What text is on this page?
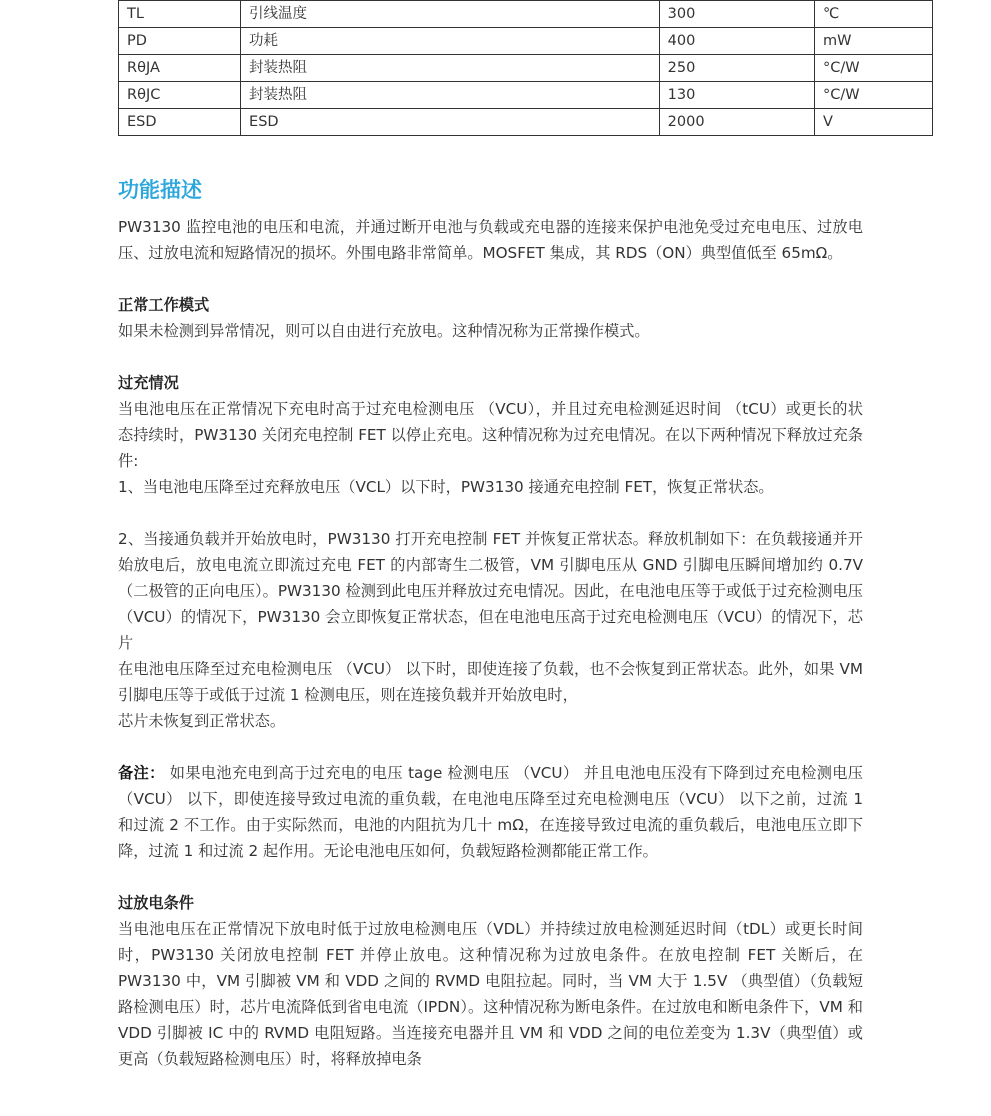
TL	引线温度	300	℃
PD	功耗	400	mW
RθJA	封装热阻	250	°C/W
RθJC	封装热阻	130	°C/W
ESD	ESD	2000	V
功能描述

PW3130 监控电池的电压和电流，并通过断开电池与负载或充电器的连接来保护电池免受过充电电压、过放电压、过放电流和短路情况的损坏。外围电路非常简单。MOSFET 集成，其 RDS（ON）典型值低至 65mΩ。

正常工作模式

如果未检测到异常情况，则可以自由进行充放电。这种情况称为正常操作模式。

过充情况

当电池电压在正常情况下充电时高于过充电检测电压 （VCU），并且过充电检测延迟时间 （tCU）或更长的状态持续时，PW3130 关闭充电控制 FET 以停止充电。这种情况称为过充电情况。在以下两种情况下释放过充条件:

1、当电池电压降至过充释放电压（VCL）以下时，PW3130 接通充电控制 FET，恢复正常状态。

2、当接通负载并开始放电时，PW3130 打开充电控制 FET 并恢复正常状态。释放机制如下：在负载接通并开始放电后，放电电流立即流过充电 FET 的内部寄生二极管，VM 引脚电压从 GND 引脚电压瞬间增加约 0.7V（二极管的正向电压）。PW3130 检测到此电压并释放过充电情况。因此，在电池电压等于或低于过充检测电压（VCU）的情况下，PW3130 会立即恢复正常状态，但在电池电压高于过充电检测电压（VCU）的情况下，芯片

在电池电压降至过充电检测电压 （VCU） 以下时，即使连接了负载，也不会恢复到正常状态。此外，如果 VM 引脚电压等于或低于过流 1 检测电压，则在连接负载并开始放电时，

芯片未恢复到正常状态。

备注： 如果电池充电到高于过充电的电压 tage 检测电压 （VCU） 并且电池电压没有下降到过充电检测电压 （VCU） 以下，即使连接导致过电流的重负载，在电池电压降至过充电检测电压（VCU） 以下之前，过流 1 和过流 2 不工作。由于实际然而，电池的内阻抗为几十 mΩ，在连接导致过电流的重负载后，电池电压立即下降，过流 1 和过流 2 起作用。无论电池电压如何，负载短路检测都能正常工作。

过放电条件

当电池电压在正常情况下放电时低于过放电检测电压（VDL）并持续过放电检测延迟时间（tDL）或更长时间时，PW3130 关闭放电控制 FET 并停止放电。这种情况称为过放电条件。在放电控制 FET 关断后，在 PW3130 中，VM 引脚被 VM 和 VDD 之间的 RVMD 电阻拉起。同时，当 VM 大于 1.5V （典型值）（负载短路检测电压）时，芯片电流降低到省电电流（IPDN）。这种情况称为断电条件。在过放电和断电条件下，VM 和 VDD 引脚被 IC 中的 RVMD 电阻短路。当连接充电器并且 VM 和 VDD 之间的电位差变为 1.3V（典型值）或更高（负载短路检测电压）时，将释放掉电条
